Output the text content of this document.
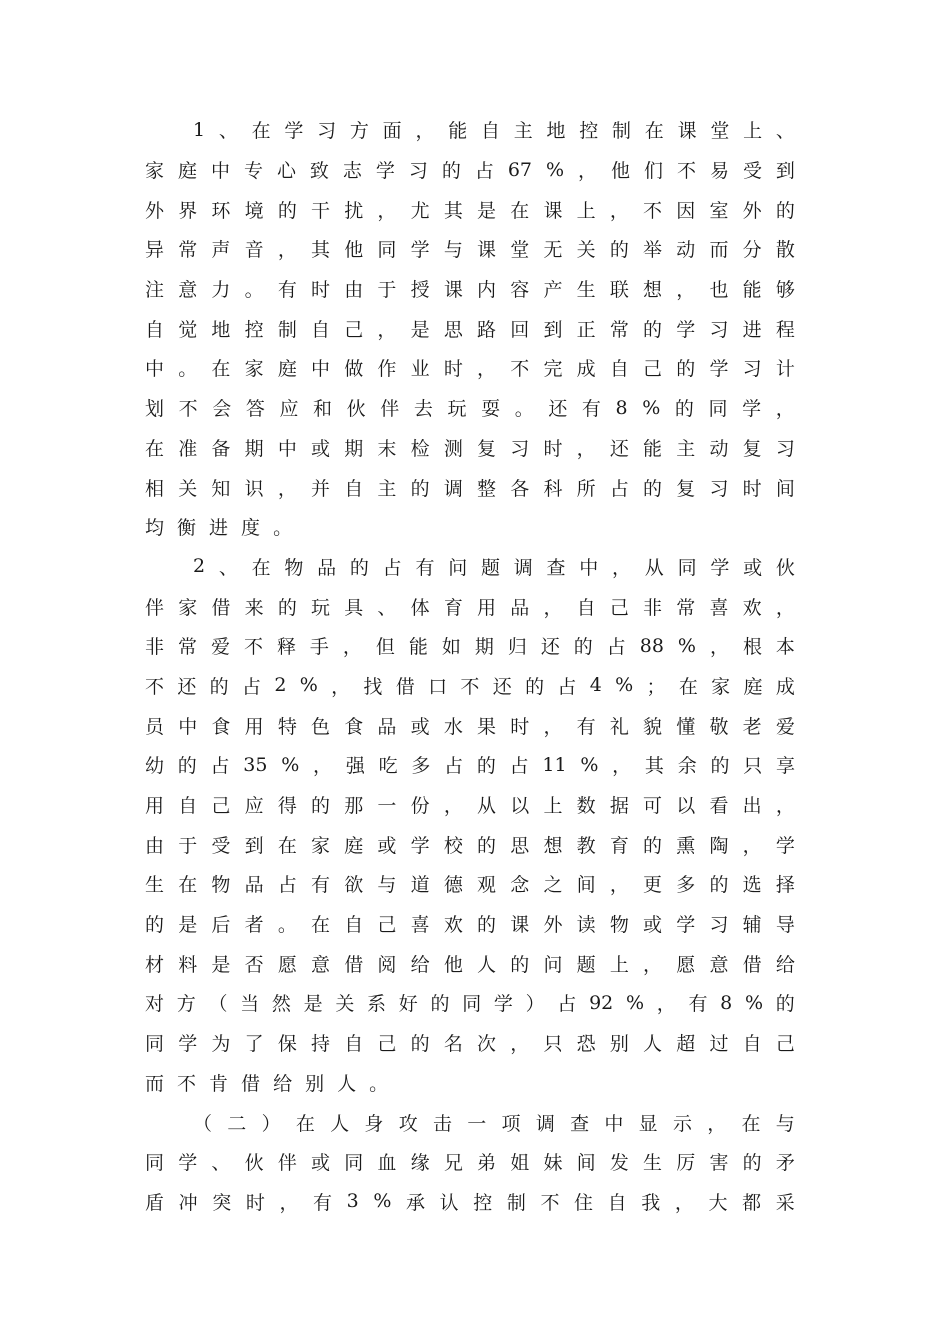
1 、 在 学 习 方 面 ， 能 自 主 地 控 制 在 课 堂 上 、
家 庭 中 专 心 致 志 学 习 的 占 67 % ， 他 们 不 易 受 到
外 界 环 境 的 干 扰 ， 尤 其 是 在 课 上 ， 不 因 室 外 的
异 常 声 音 ， 其 他 同 学 与 课 堂 无 关 的 举 动 而 分 散
注 意 力 。 有 时 由 于 授 课 内 容 产 生 联 想 ， 也 能 够
自 觉 地 控 制 自 己 ， 是 思 路 回 到 正 常 的 学 习 进 程
中 。 在 家 庭 中 做 作 业 时 ， 不 完 成 自 己 的 学 习 计
划 不 会 答 应 和 伙 伴 去 玩 耍 。 还 有 8 % 的 同 学 ，
在 准 备 期 中 或 期 末 检 测 复 习 时 ， 还 能 主 动 复 习
相 关 知 识 ， 并 自 主 的 调 整 各 科 所 占 的 复 习 时 间
均 衡 进 度 。
2 、 在 物 品 的 占 有 问 题 调 查 中 ， 从 同 学 或 伙
伴 家 借 来 的 玩 具 、 体 育 用 品 ， 自 己 非 常 喜 欢 ，
非 常 爱 不 释 手 ， 但 能 如 期 归 还 的 占 88 % ， 根 本
不 还 的 占 2 % ， 找 借 口 不 还 的 占 4 % ； 在 家 庭 成
员 中 食 用 特 色 食 品 或 水 果 时 ， 有 礼 貌 懂 敬 老 爱
幼 的 占 35 % ， 强 吃 多 占 的 占 11 % ， 其 余 的 只 享
用 自 己 应 得 的 那 一 份 ， 从 以 上 数 据 可 以 看 出 ，
由 于 受 到 在 家 庭 或 学 校 的 思 想 教 育 的 熏 陶 ， 学
生 在 物 品 占 有 欲 与 道 德 观 念 之 间 ， 更 多 的 选 择
的 是 后 者 。 在 自 己 喜 欢 的 课 外 读 物 或 学 习 辅 导
材 料 是 否 愿 意 借 阅 给 他 人 的 问 题 上 ， 愿 意 借 给
对 方 （ 当 然 是 关 系 好 的 同 学 ） 占 92 % ， 有 8 % 的
同 学 为 了 保 持 自 己 的 名 次 ， 只 恐 别 人 超 过 自 己
而 不 肯 借 给 别 人 。
（ 二 ） 在 人 身 攻 击 一 项 调 查 中 显 示 ， 在 与
同 学 、 伙 伴 或 同 血 缘 兄 弟 姐 妹 间 发 生 厉 害 的 矛
盾 冲 突 时 ， 有 3 % 承 认 控 制 不 住 自 我 ， 大 都 采
